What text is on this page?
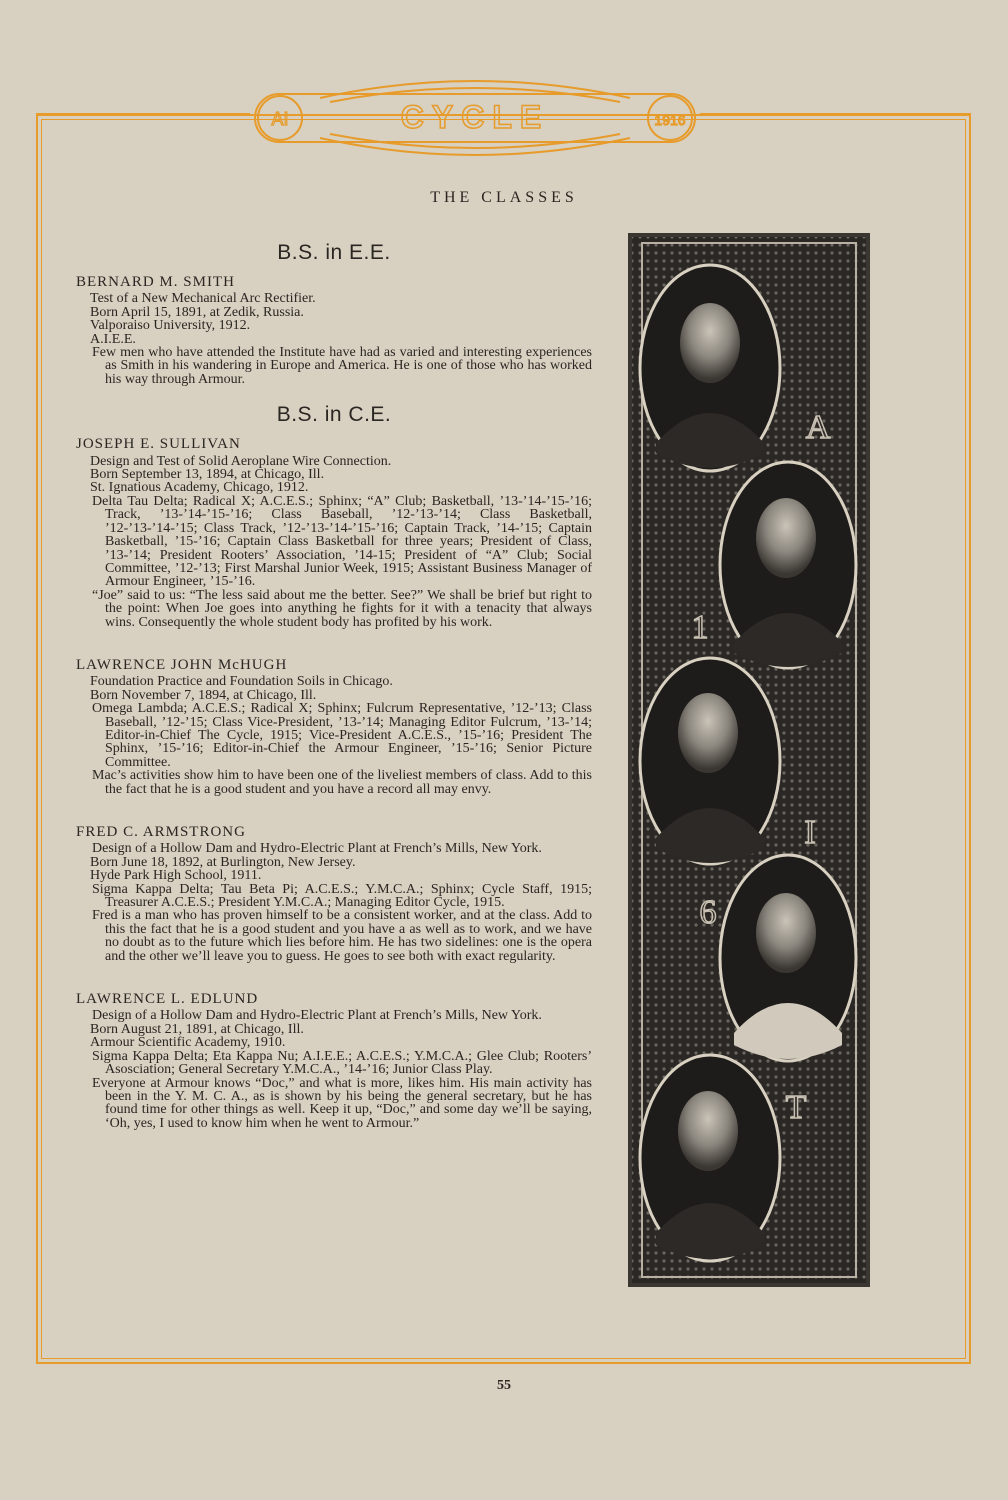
AI	1916
CYCLE
THE CLASSES
B.S. in E.E.
BERNARD M. SMITH

Test of a New Mechanical Arc Rectifier.

Born April 15, 1891, at Zedik, Russia.

Valporaiso University, 1912.

A.I.E.E.

Few men who have attended the Institute have had as varied and interesting experiences as Smith in his wandering in Europe and America. He is one of those who has worked his way through Armour.
B.S. in C.E.
JOSEPH E. SULLIVAN

Design and Test of Solid Aeroplane Wire Connection.

Born September 13, 1894, at Chicago, Ill.

St. Ignatious Academy, Chicago, 1912.

Delta Tau Delta; Radical X; A.C.E.S.; Sphinx; “A” Club; Basketball, ’13-’14-’15-’16; Track, ’13-’14-’15-’16; Class Baseball, ’12-’13-’14; Class Basketball, ’12-’13-’14-’15; Class Track, ’12-’13-’14-’15-’16; Captain Track, ’14-’15; Captain Basketball, ’15-’16; Captain Class Basketball for three years; President of Class, ’13-’14; President Rooters’ Association, ’14-15; President of “A” Club; Social Committee, ’12-’13; First Marshal Junior Week, 1915; Assistant Business Manager of Armour Engineer, ’15-’16.
“Joe” said to us: “The less said about me the better. See?” We shall be brief but right to the point: When Joe goes into anything he fights for it with a tenacity that always wins. Consequently the whole student body has profited by his work.
LAWRENCE JOHN McHUGH

Foundation Practice and Foundation Soils in Chicago.

Born November 7, 1894, at Chicago, Ill.

Omega Lambda; A.C.E.S.; Radical X; Sphinx; Fulcrum Representative, ’12-’13; Class Baseball, ’12-’15; Class Vice-President, ’13-’14; Managing Editor Fulcrum, ’13-’14; Editor-in-Chief The Cycle, 1915; Vice-President A.C.E.S., ’15-’16; President The Sphinx, ’15-’16; Editor-in-Chief the Armour Engineer, ’15-’16; Senior Picture Committee.
Mac’s activities show him to have been one of the liveliest members of class. Add to this the fact that he is a good student and you have a record all may envy.
FRED C. ARMSTRONG
Design of a Hollow Dam and Hydro-Electric Plant at French’s Mills, New York.

Born June 18, 1892, at Burlington, New Jersey.

Hyde Park High School, 1911.

Sigma Kappa Delta; Tau Beta Pi; A.C.E.S.; Y.M.C.A.; Sphinx; Cycle Staff, 1915; Treasurer A.C.E.S.; President Y.M.C.A.; Managing Editor Cycle, 1915.
Fred is a man who has proven himself to be a consistent worker, and at the class. Add to this the fact that he is a good student and you have a as well as to work, and we have no doubt as to the future which lies before him. He has two sidelines: one is the opera and the other we’ll leave you to guess. He goes to see both with exact regularity.
LAWRENCE L. EDLUND
Design of a Hollow Dam and Hydro-Electric Plant at French’s Mills, New York.

Born August 21, 1891, at Chicago, Ill.

Armour Scientific Academy, 1910.

Sigma Kappa Delta; Eta Kappa Nu; A.I.E.E.; A.C.E.S.; Y.M.C.A.; Glee Club; Rooters’ Asosciation; General Secretary Y.M.C.A., ’14-’16; Junior Class Play.
Everyone at Armour knows “Doc,” and what is more, likes him. His main activity has been in the Y. M. C. A., as is shown by his being the general secretary, but he has found time for other things as well. Keep it up, “Doc,” and some day we’ll be saying, ‘Oh, yes, I used to know him when he went to Armour.”
A
1
I
6
T
55
